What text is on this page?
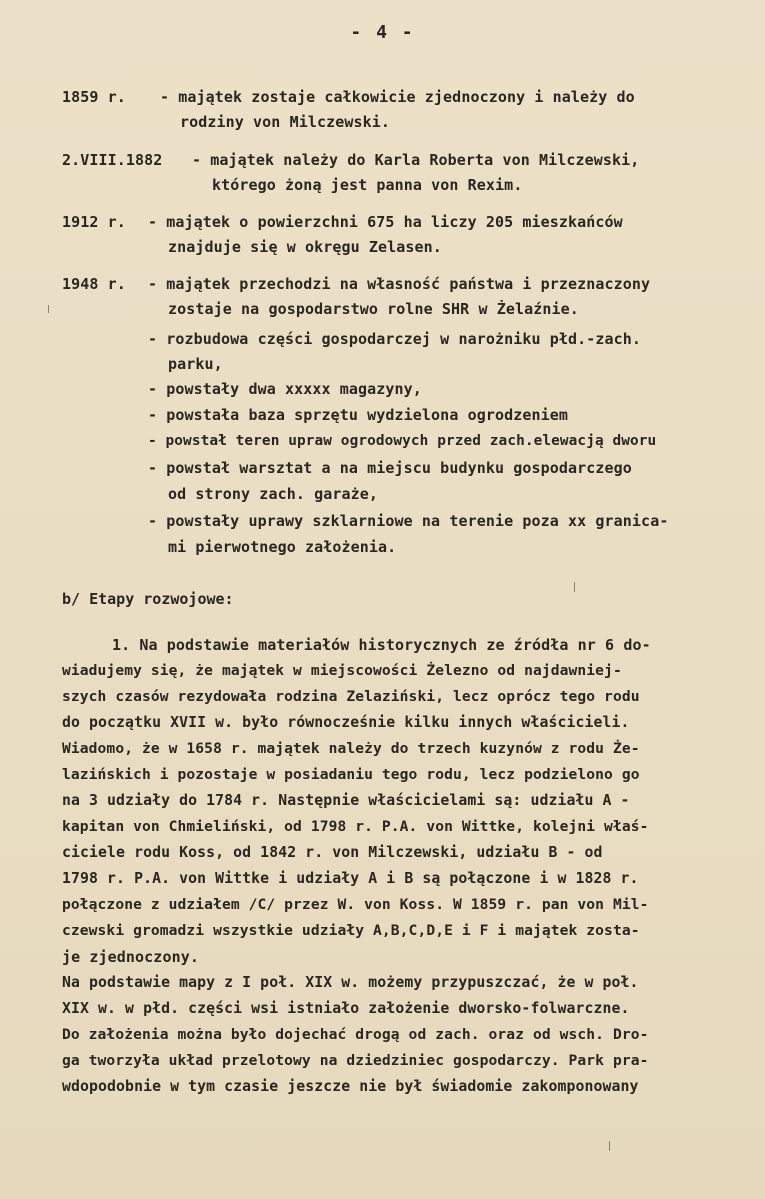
- 4 -
1859 r. - majątek zostaje całkowicie zjednoczony i należy do
rodziny von Milczewski.
2.VIII.1882 - majątek należy do Karla Roberta von Milczewski,
którego żoną jest panna von Rexim.
1912 r. - majątek o powierzchni 675 ha liczy 205 mieszkańców
znajduje się w okręgu Zelasen.
1948 r. - majątek przechodzi na własność państwa i przeznaczony
zostaje na gospodarstwo rolne SHR w Żelaźnie.
- rozbudowa części gospodarczej w narożniku płd.-zach.
parku,
- powstały dwa xxxxx magazyny,
- powstała baza sprzętu wydzielona ogrodzeniem
- powstał teren upraw ogrodowych przed zach.elewacją dworu
- powstał warsztat a na miejscu budynku gospodarczego
od strony zach. garaże,
- powstały uprawy szklarniowe na terenie poza xx granica-
mi pierwotnego założenia.
b/ Etapy rozwojowe:
1. Na podstawie materiałów historycznych ze źródła nr 6 do-
wiadujemy się, że majątek w miejscowości Żelezno od najdawniej-
szych czasów rezydowała rodzina Zelaziński, lecz oprócz tego rodu
do początku XVII w. było równocześnie kilku innych właścicieli.
Wiadomo, że w 1658 r. majątek należy do trzech kuzynów z rodu Że-
lazińskich i pozostaje w posiadaniu tego rodu, lecz podzielono go
na 3 udziały do 1784 r. Następnie właścicielami są: udziału A -
kapitan von Chmieliński, od 1798 r. P.A. von Wittke, kolejni właś-
ciciele rodu Koss, od 1842 r. von Milczewski, udziału B - od
1798 r. P.A. von Wittke i udziały A i B są połączone i w 1828 r.
połączone z udziałem /C/ przez W. von Koss. W 1859 r. pan von Mil-
czewski gromadzi wszystkie udziały A,B,C,D,E i F i majątek zosta-
je zjednoczony.
Na podstawie mapy z I poł. XIX w. możemy przypuszczać, że w poł.
XIX w. w płd. części wsi istniało założenie dworsko-folwarczne.
Do założenia można było dojechać drogą od zach. oraz od wsch. Dro-
ga tworzyła układ przelotowy na dziedziniec gospodarczy. Park pra-
wdopodobnie w tym czasie jeszcze nie był świadomie zakomponowany
